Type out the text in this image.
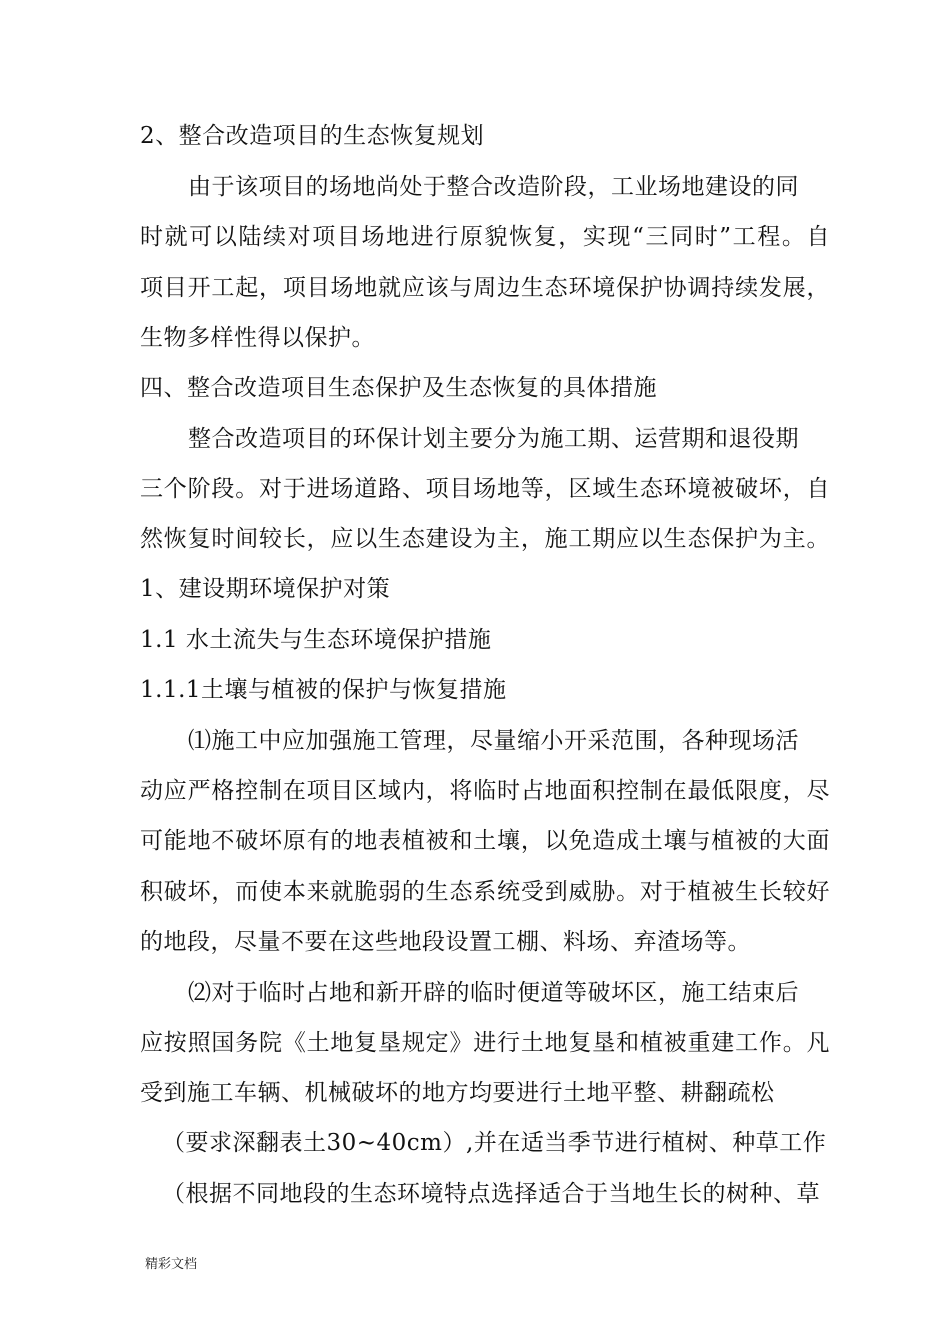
2、整合改造项目的生态恢复规划
由于该项目的场地尚处于整合改造阶段，工业场地建设的同
时就可以陆续对项目场地进行原貌恢复，实现“三同时”工程。自
项目开工起，项目场地就应该与周边生态环境保护协调持续发展，
生物多样性得以保护。
四、整合改造项目生态保护及生态恢复的具体措施
整合改造项目的环保计划主要分为施工期、运营期和退役期
三个阶段。对于进场道路、项目场地等，区域生态环境被破坏，自
然恢复时间较长，应以生态建设为主，施工期应以生态保护为主。
1、建设期环境保护对策
1.1 水土流失与生态环境保护措施
1.1.1土壤与植被的保护与恢复措施
⑴施工中应加强施工管理，尽量缩小开采范围，各种现场活
动应严格控制在项目区域内，将临时占地面积控制在最低限度，尽
可能地不破坏原有的地表植被和土壤，以免造成土壤与植被的大面
积破坏，而使本来就脆弱的生态系统受到威胁。对于植被生长较好
的地段，尽量不要在这些地段设置工棚、料场、弃渣场等。
⑵对于临时占地和新开辟的临时便道等破坏区，施工结束后
应按照国务院《土地复垦规定》进行土地复垦和植被重建工作。凡
受到施工车辆、机械破坏的地方均要进行土地平整、耕翻疏松
（要求深翻表土30~40cm）,并在适当季节进行植树、种草工作
（根据不同地段的生态环境特点选择适合于当地生长的树种、草
精彩文档
